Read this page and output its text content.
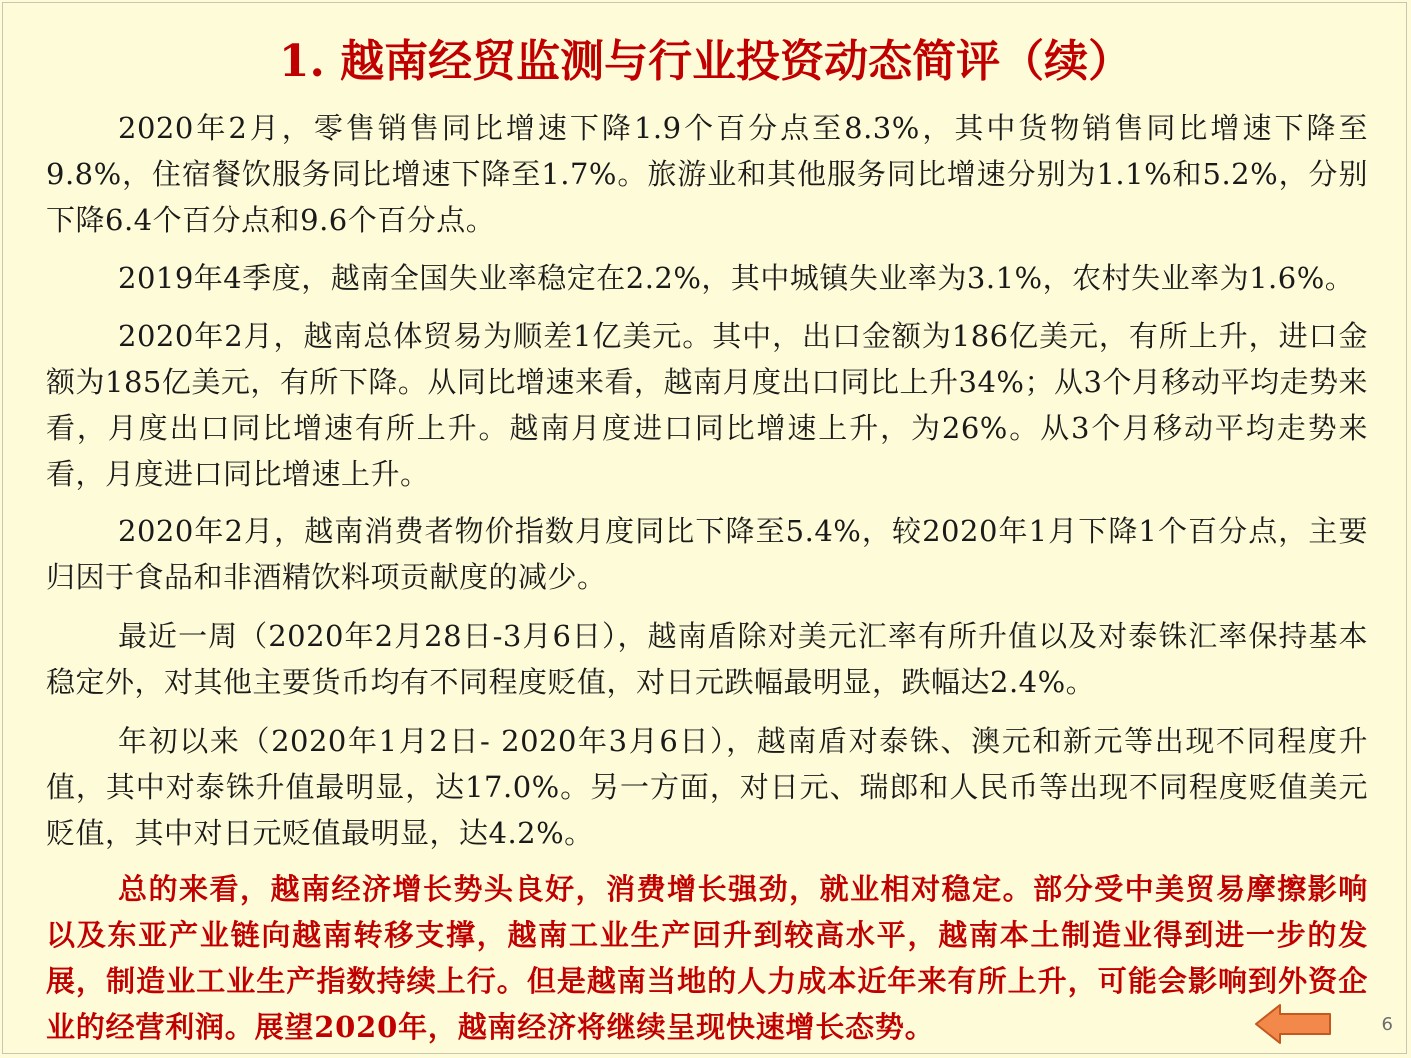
1. 越南经贸监测与行业投资动态简评（续）

2020年2月，零售销售同比增速下降1.9个百分点至8.3%，其中货物销售同比增速下降至9.8%，住宿餐饮服务同比增速下降至1.7%。旅游业和其他服务同比增速分别为1.1%和5.2%，分别下降6.4个百分点和9.6个百分点。

2019年4季度，越南全国失业率稳定在2.2%，其中城镇失业率为3.1%，农村失业率为1.6%。

2020年2月，越南总体贸易为顺差1亿美元。其中，出口金额为186亿美元，有所上升，进口金额为185亿美元，有所下降。从同比增速来看，越南月度出口同比上升34%；从3个月移动平均走势来看，月度出口同比增速有所上升。越南月度进口同比增速上升，为26%。从3个月移动平均走势来看，月度进口同比增速上升。

2020年2月，越南消费者物价指数月度同比下降至5.4%，较2020年1月下降1个百分点，主要归因于食品和非酒精饮料项贡献度的减少。

最近一周（2020年2月28日-3月6日），越南盾除对美元汇率有所升值以及对泰铢汇率保持基本稳定外，对其他主要货币均有不同程度贬值，对日元跌幅最明显，跌幅达2.4%。

年初以来（2020年1月2日- 2020年3月6日），越南盾对泰铢、澳元和新元等出现不同程度升值，其中对泰铢升值最明显，达17.0%。另一方面，对日元、瑞郎和人民币等出现不同程度贬值美元贬值，其中对日元贬值最明显，达4.2%。

总的来看，越南经济增长势头良好，消费增长强劲，就业相对稳定。部分受中美贸易摩擦影响以及东亚产业链向越南转移支撑，越南工业生产回升到较高水平，越南本土制造业得到进一步的发展，制造业工业生产指数持续上行。但是越南当地的人力成本近年来有所上升，可能会影响到外资企业的经营利润。展望2020年，越南经济将继续呈现快速增长态势。	6
